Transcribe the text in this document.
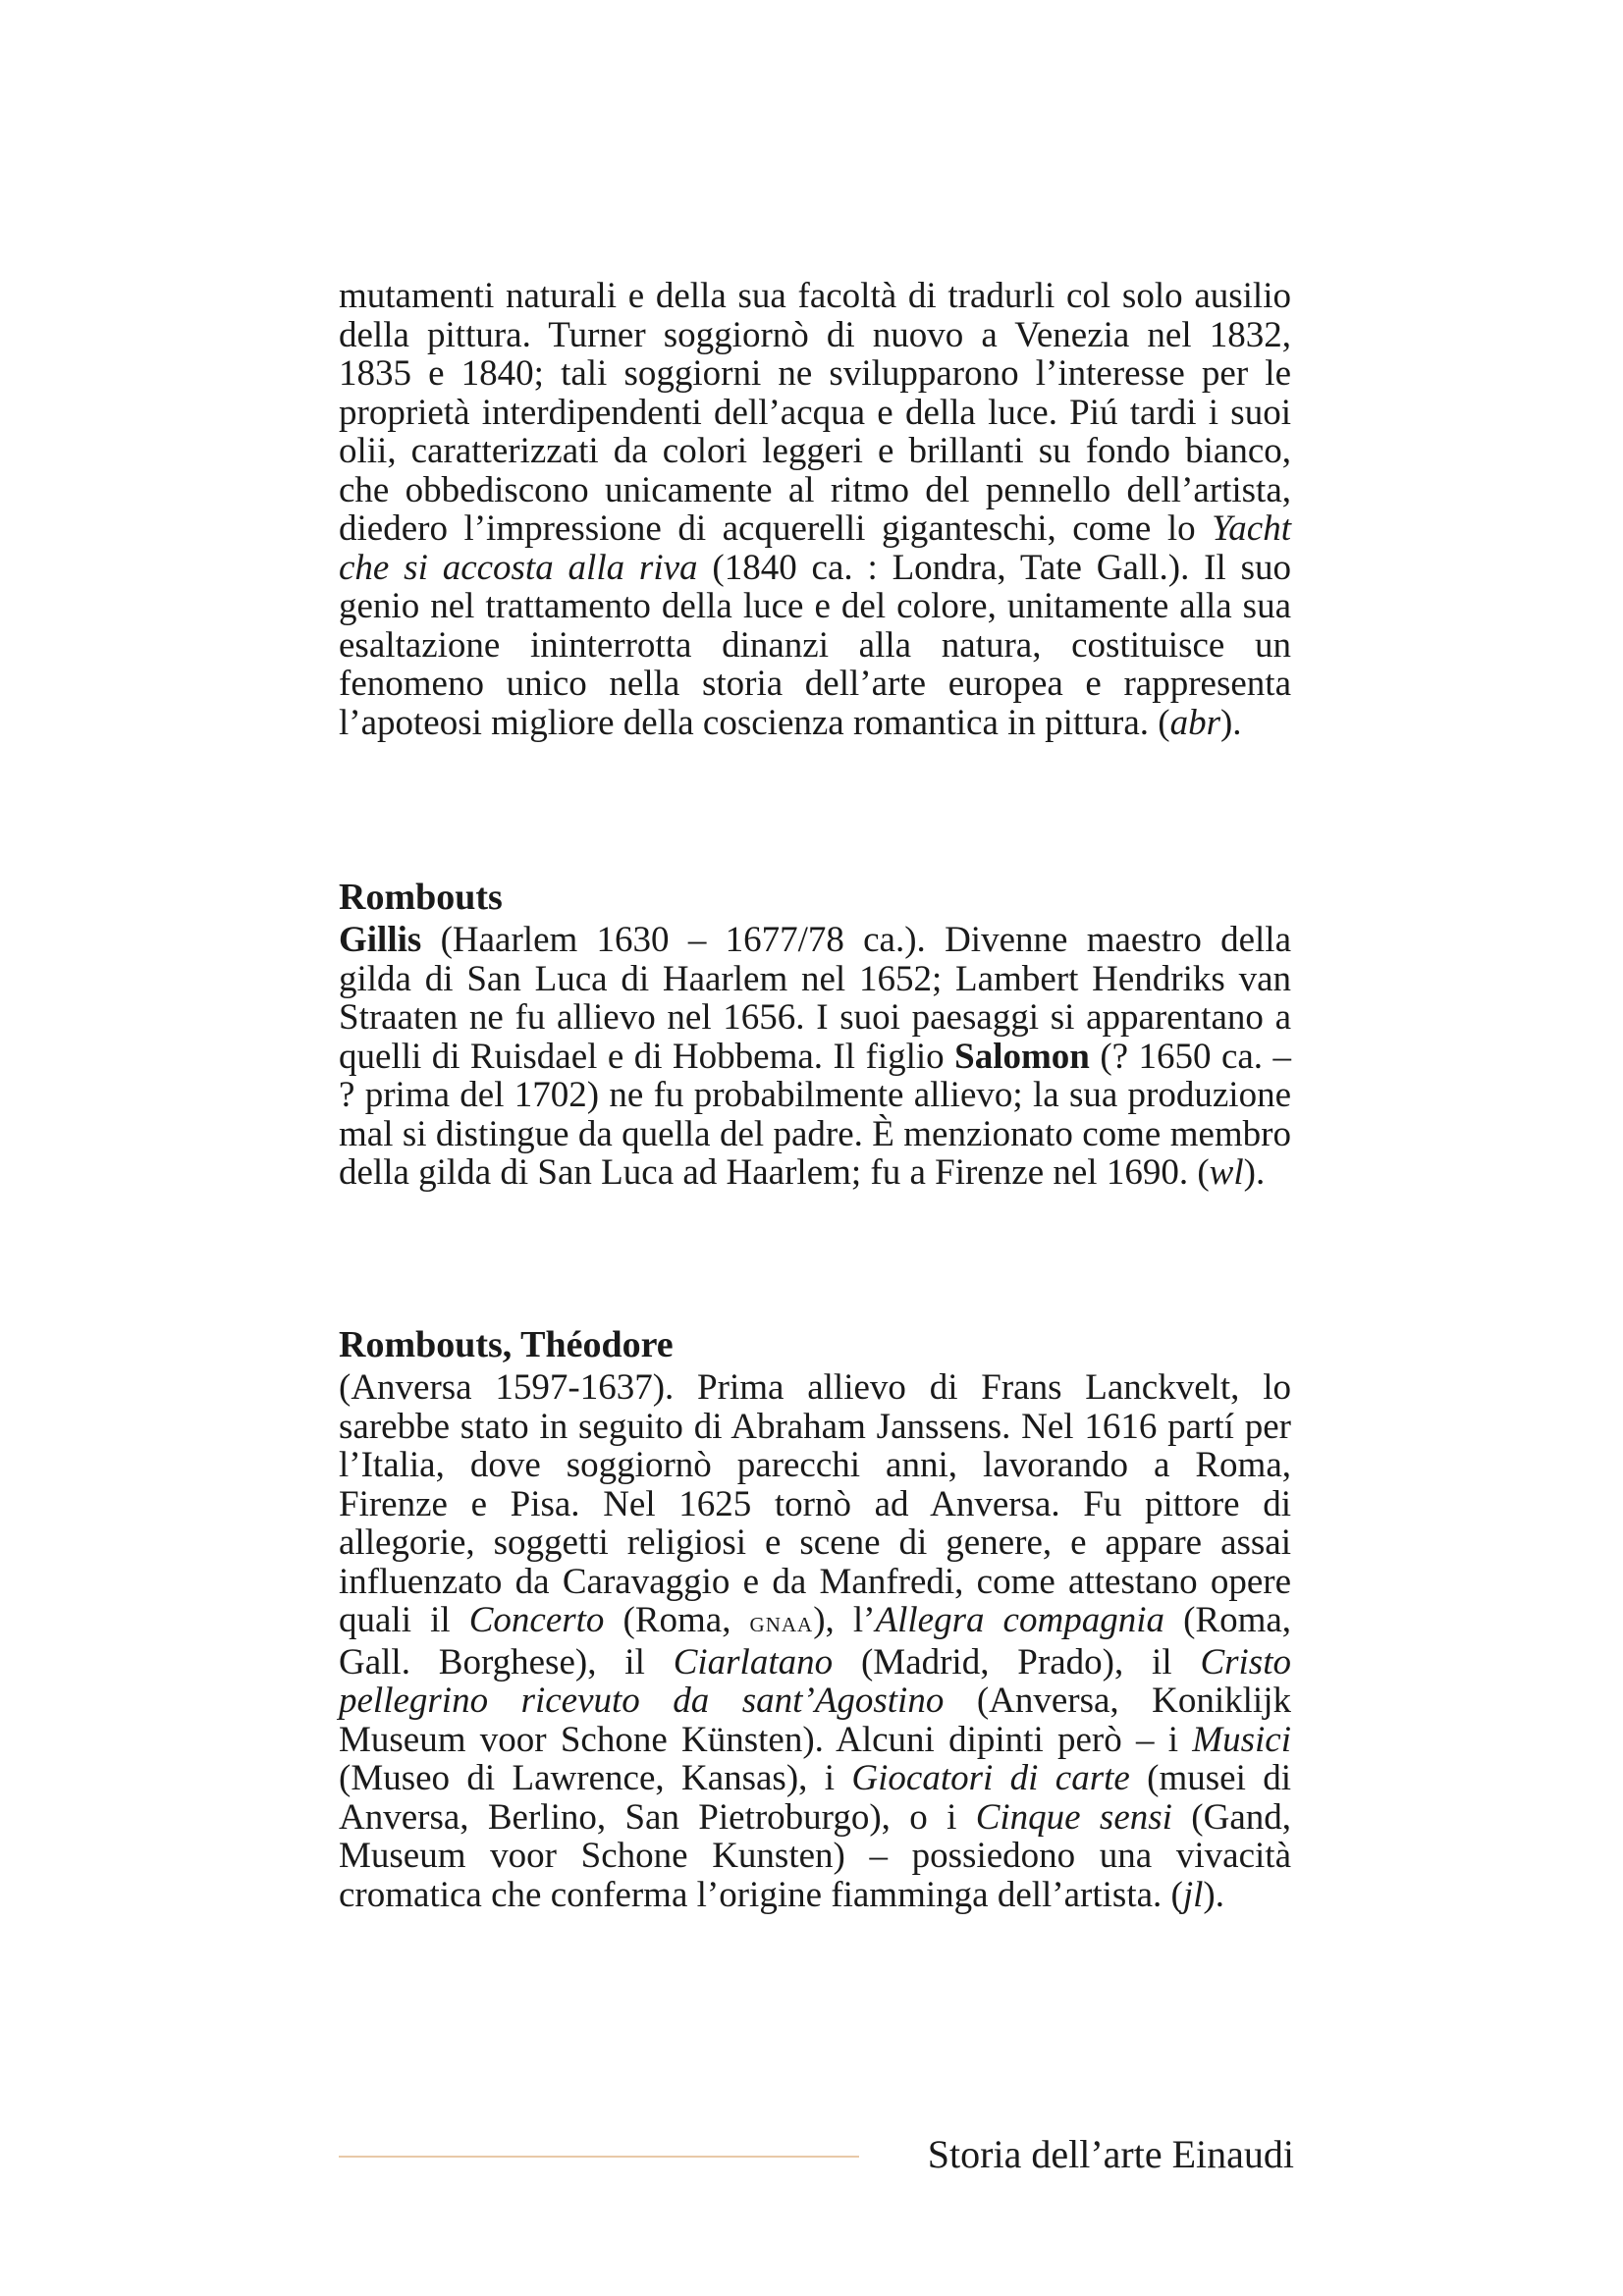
mutamenti naturali e della sua facoltà di tradurli col solo ausilio della pittura. Turner soggiornò di nuovo a Venezia nel 1832, 1835 e 1840; tali soggiorni ne svilupparono l’interesse per le proprietà interdipendenti dell’acqua e della luce. Piú tardi i suoi olii, caratterizzati da colori leggeri e brillanti su fondo bianco, che obbediscono unicamente al ritmo del pennello dell’artista, diedero l’impressione di acquerelli giganteschi, come lo Yacht che si accosta alla riva (1840 ca. : Londra, Tate Gall.). Il suo genio nel trattamento della luce e del colore, unitamente alla sua esaltazione ininterrotta dinanzi alla natura, costituisce un fenomeno unico nella storia dell’arte europea e rappresenta l’apoteosi migliore della coscienza romantica in pittura. (abr).

Rombouts

Gillis (Haarlem 1630 – 1677/78 ca.). Divenne maestro della gilda di San Luca di Haarlem nel 1652; Lambert Hendriks van Straaten ne fu allievo nel 1656. I suoi paesaggi si apparentano a quelli di Ruisdael e di Hobbema. Il figlio Salomon (? 1650 ca. – ? prima del 1702) ne fu probabilmente allievo; la sua produzione mal si distingue da quella del padre. È menzionato come membro della gilda di San Luca ad Haarlem; fu a Firenze nel 1690. (wl).

Rombouts, Théodore

(Anversa 1597-1637). Prima allievo di Frans Lanckvelt, lo sarebbe stato in seguito di Abraham Janssens. Nel 1616 partí per l’Italia, dove soggiornò parecchi anni, lavorando a Roma, Firenze e Pisa. Nel 1625 tornò ad Anversa. Fu pittore di allegorie, soggetti religiosi e scene di genere, e appare assai influenzato da Caravaggio e da Manfredi, come attestano opere quali il Concerto (Roma, gnaa), l’Allegra compagnia (Roma, Gall. Borghese), il Ciarlatano (Madrid, Prado), il Cristo pellegrino ricevuto da sant’Agostino (Anversa, Koniklijk Museum voor Schone Künsten). Alcuni dipinti però – i Musici (Museo di Lawrence, Kansas), i Giocatori di carte (musei di Anversa, Berlino, San Pietroburgo), o i Cinque sensi (Gand, Museum voor Schone Kunsten) – possiedono una vivacità cromatica che conferma l’origine fiamminga dell’artista. (jl).

Storia dell’arte Einaudi
